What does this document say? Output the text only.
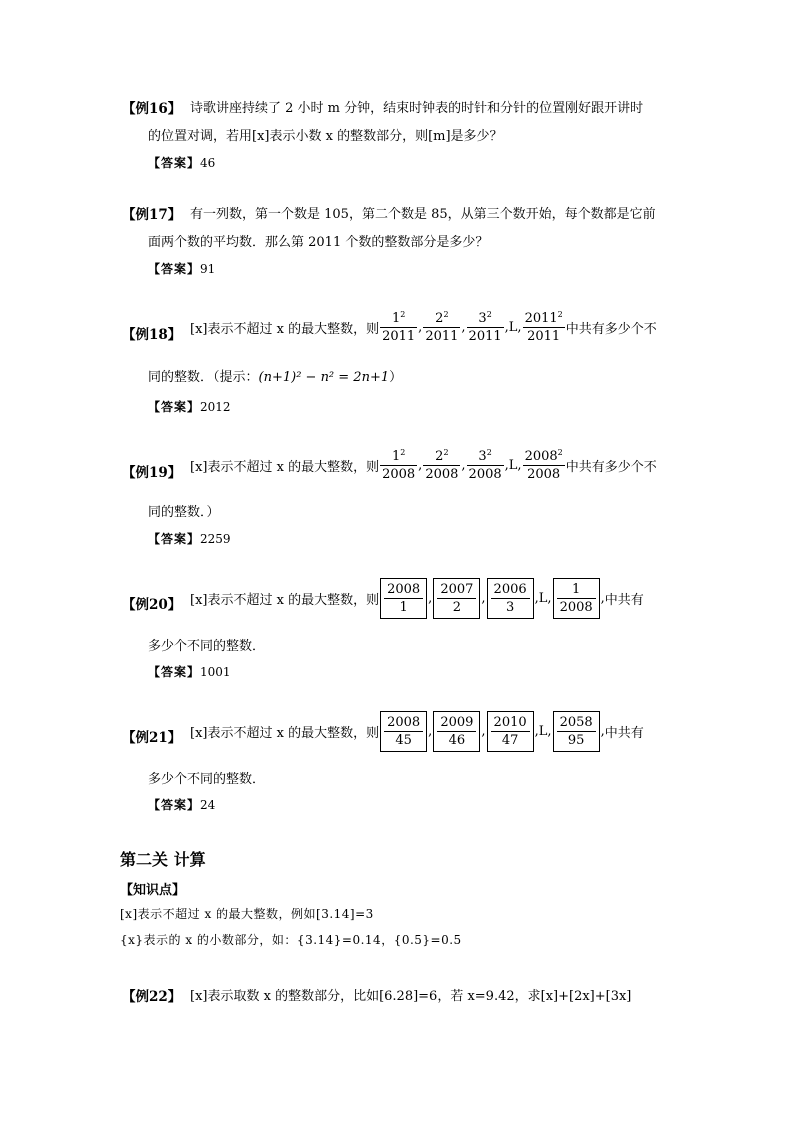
【例16】 诗歌讲座持续了 2 小时 m 分钟，结束时钟表的时针和分针的位置刚好跟开讲时
的位置对调，若用[x]表示小数 x 的整数部分，则[m]是多少？
【答案】46
【例17】 有一列数，第一个数是 105，第二个数是 85，从第三个数开始，每个数都是它前
面两个数的平均数．那么第 2011 个数的整数部分是多少？
【答案】91
【例18】 [x]表示不超过 x 的最大整数，则 $\frac{1^2}{2011}$ , $\frac{2^2}{2011}$ , $\frac{3^2}{2011} ,L$, $\frac{2011^2}{2011}$ 中共有多少个不
同的整数．（提示：(n+1)² − n² = 2n+1）
【答案】2012
【例19】 [x]表示不超过 x 的最大整数，则 $\frac{1^2}{2008}$ , $\frac{2^2}{2008}$ , $\frac{3^2}{2008} ,L$, $\frac{2008^2}{2008}$ 中共有多少个不
同的整数．）
【答案】2259
【例20】 [x]表示不超过 x 的最大整数，则 $\frac{2008}{1}$ , $\frac{2007}{2}$ , $\frac{2006}{3} ,L$, $\frac{1}{2008}$ ,中共有
多少个不同的整数．
【答案】1001
【例21】 [x]表示不超过 x 的最大整数，则 $\frac{2008}{45}$ , $\frac{2009}{46}$ , $\frac{2010}{47} ,L$, $\frac{2058}{95}$ ,中共有
多少个不同的整数．
【答案】24
第二关 计算
【知识点】
[x]表示不超过 x 的最大整数，例如[3.14]=3
{x}表示的 x 的小数部分，如：{3.14}=0.14，{0.5}=0.5
【例22】 [x]表示取数 x 的整数部分，比如[6.28]=6，若 x=9.42，求[x]+[2x]+[3x]
